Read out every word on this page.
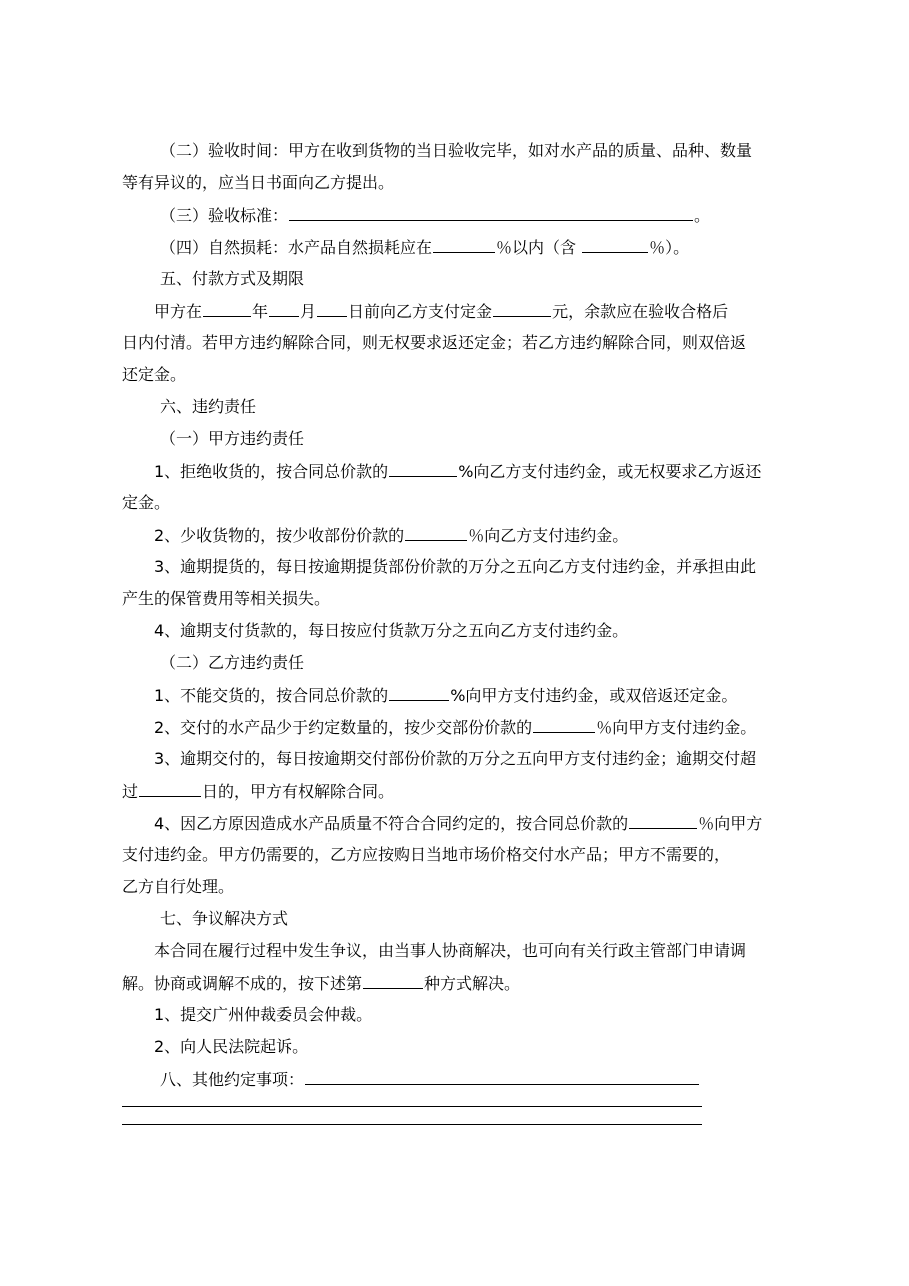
（二）验收时间：甲方在收到货物的当日验收完毕，如对水产品的质量、品种、数量
等有异议的，应当日书面向乙方提出。
（三）验收标准：	。
（四）自然损耗：水产品自然损耗应在	％以内（含	％）。
五、付款方式及期限
甲方在	年 月 日前向乙方支付定金	元，余款应在验收合格后
日内付清。若甲方违约解除合同，则无权要求返还定金；若乙方违约解除合同，则双倍返
还定金。
六、违约责任
（一）甲方违约责任
1、拒绝收货的，按合同总价款的	%向乙方支付违约金，或无权要求乙方返还
定金。
2、少收货物的，按少收部份价款的	％向乙方支付违约金。
3、逾期提货的，每日按逾期提货部份价款的万分之五向乙方支付违约金，并承担由此
产生的保管费用等相关损失。
4、逾期支付货款的，每日按应付货款万分之五向乙方支付违约金。
（二）乙方违约责任
1、不能交货的，按合同总价款的	%向甲方支付违约金，或双倍返还定金。
2、交付的水产品少于约定数量的，按少交部份价款的	％向甲方支付违约金。
3、逾期交付的，每日按逾期交付部份价款的万分之五向甲方支付违约金；逾期交付超
过	日的，甲方有权解除合同。
4、因乙方原因造成水产品质量不符合合同约定的，按合同总价款的	％向甲方
支付违约金。甲方仍需要的，乙方应按购日当地市场价格交付水产品；甲方不需要的，
乙方自行处理。
七、争议解决方式
本合同在履行过程中发生争议，由当事人协商解决，也可向有关行政主管部门申请调
解。协商或调解不成的，按下述第	种方式解决。
1、提交广州仲裁委员会仲裁。
2、向人民法院起诉。
八、其他约定事项：
